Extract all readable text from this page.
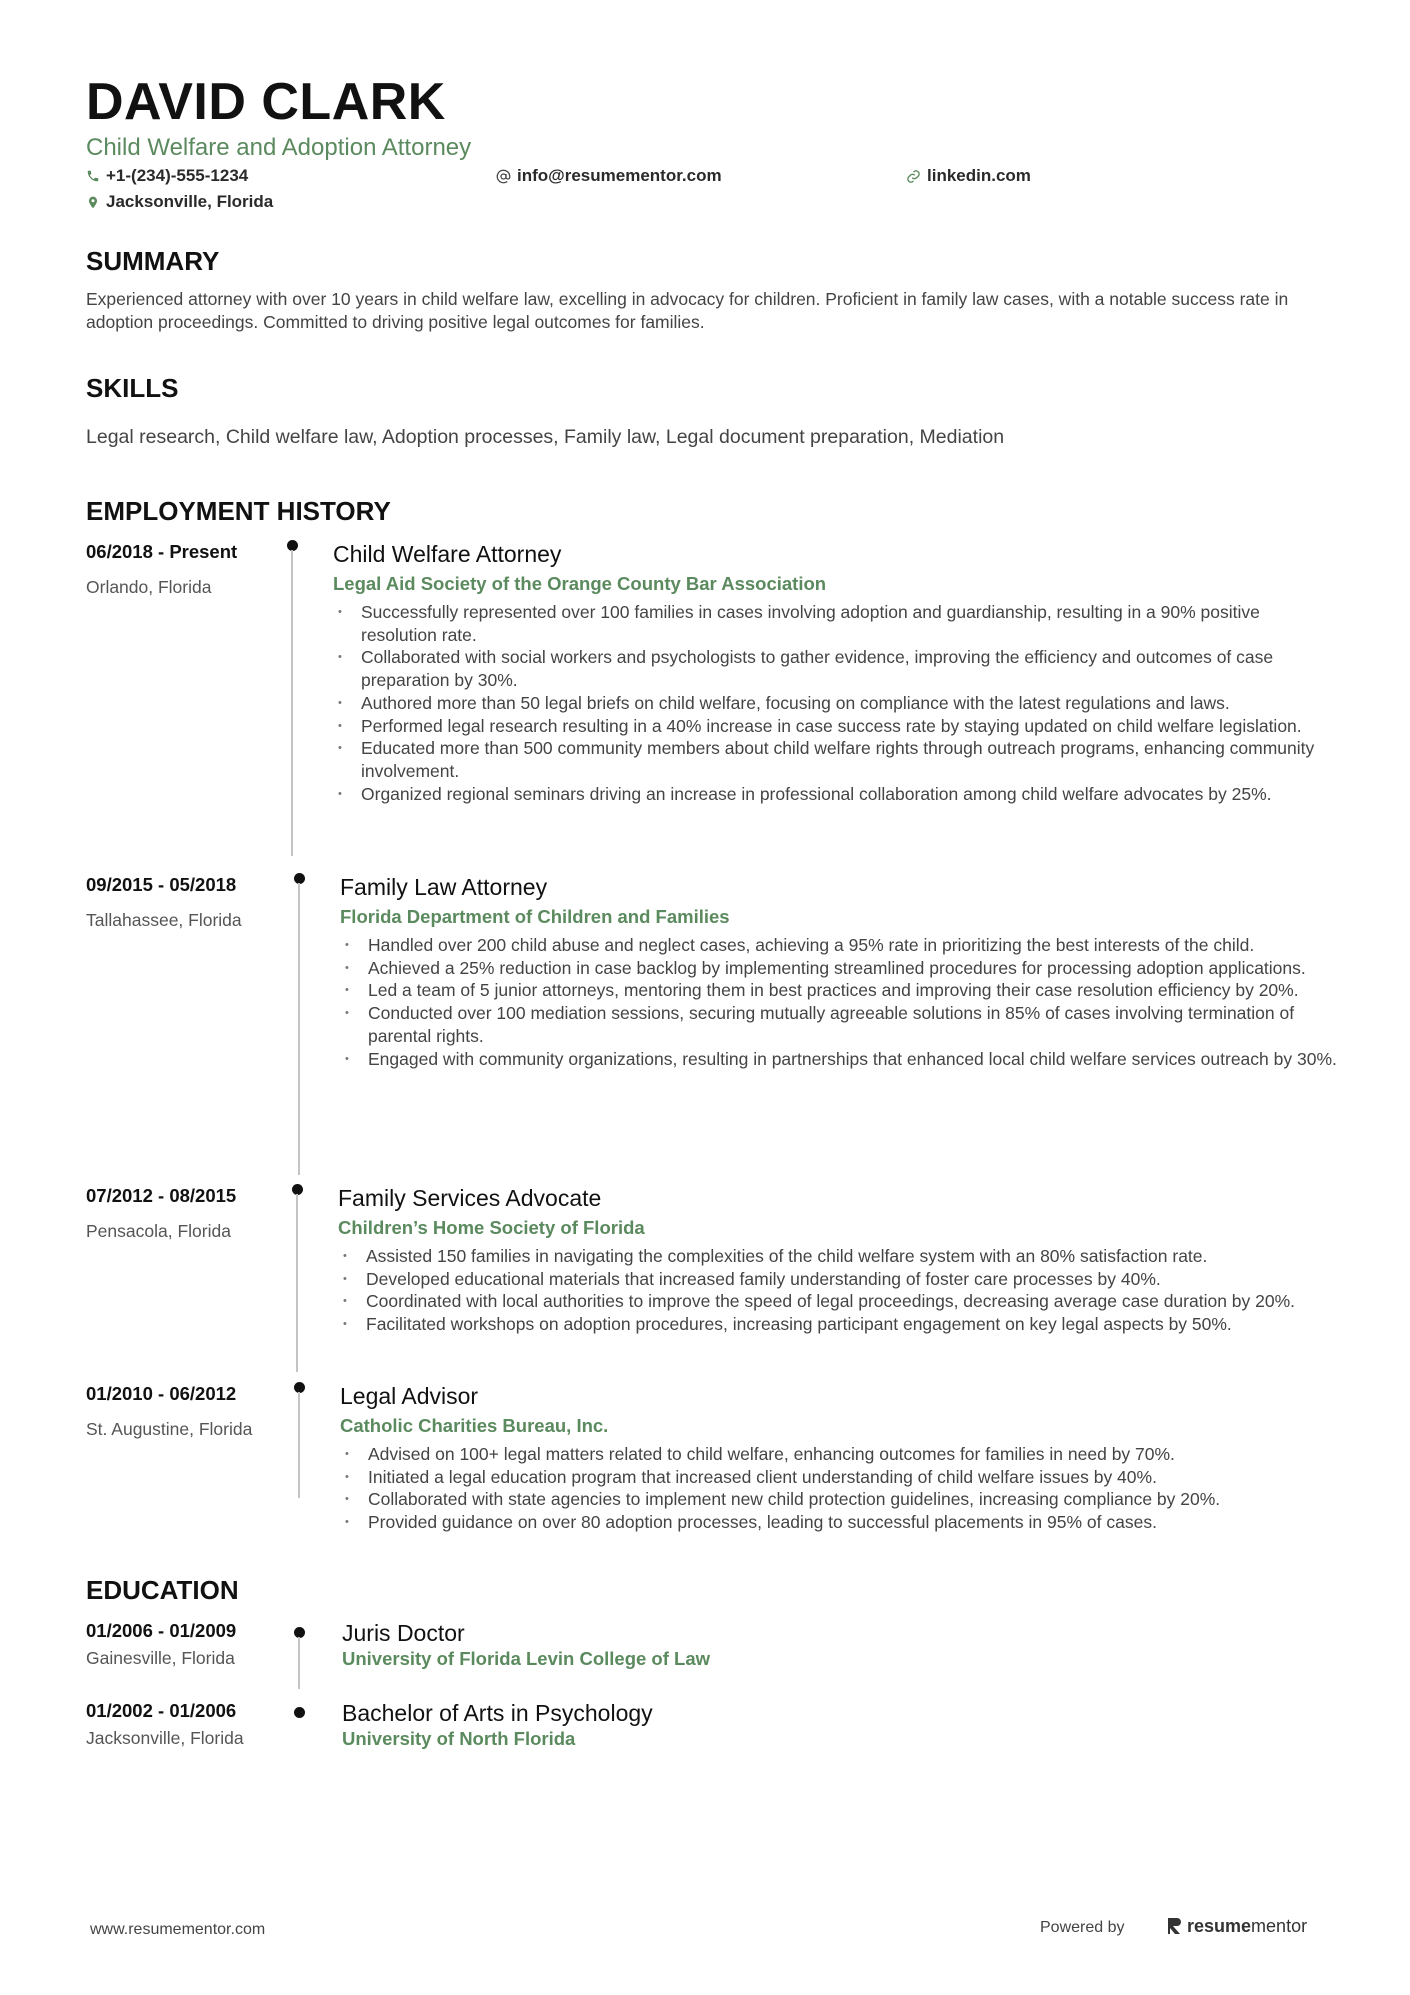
DAVID CLARK
Child Welfare and Adoption Attorney
+1-(234)-555-1234	info@resumementor.com	linkedin.com
Jacksonville, Florida
SUMMARY
Experienced attorney with over 10 years in child welfare law, excelling in advocacy for children. Proficient in family law cases, with a notable success rate in adoption proceedings. Committed to driving positive legal outcomes for families.
SKILLS
Legal research, Child welfare law, Adoption processes, Family law, Legal document preparation, Mediation
EMPLOYMENT HISTORY
06/2018 - Present
Orlando, Florida
Child Welfare Attorney
Legal Aid Society of the Orange County Bar Association
• Successfully represented over 100 families in cases involving adoption and guardianship, resulting in a 90% positive resolution rate.
• Collaborated with social workers and psychologists to gather evidence, improving the efficiency and outcomes of case preparation by 30%.
• Authored more than 50 legal briefs on child welfare, focusing on compliance with the latest regulations and laws.
• Performed legal research resulting in a 40% increase in case success rate by staying updated on child welfare legislation.
• Educated more than 500 community members about child welfare rights through outreach programs, enhancing community involvement.
• Organized regional seminars driving an increase in professional collaboration among child welfare advocates by 25%.
09/2015 - 05/2018
Tallahassee, Florida
Family Law Attorney
Florida Department of Children and Families
• Handled over 200 child abuse and neglect cases, achieving a 95% rate in prioritizing the best interests of the child.
• Achieved a 25% reduction in case backlog by implementing streamlined procedures for processing adoption applications.
• Led a team of 5 junior attorneys, mentoring them in best practices and improving their case resolution efficiency by 20%.
• Conducted over 100 mediation sessions, securing mutually agreeable solutions in 85% of cases involving termination of parental rights.
• Engaged with community organizations, resulting in partnerships that enhanced local child welfare services outreach by 30%.
07/2012 - 08/2015
Pensacola, Florida
Family Services Advocate
Children’s Home Society of Florida
• Assisted 150 families in navigating the complexities of the child welfare system with an 80% satisfaction rate.
• Developed educational materials that increased family understanding of foster care processes by 40%.
• Coordinated with local authorities to improve the speed of legal proceedings, decreasing average case duration by 20%.
• Facilitated workshops on adoption procedures, increasing participant engagement on key legal aspects by 50%.
01/2010 - 06/2012
St. Augustine, Florida
Legal Advisor
Catholic Charities Bureau, Inc.
• Advised on 100+ legal matters related to child welfare, enhancing outcomes for families in need by 70%.
• Initiated a legal education program that increased client understanding of child welfare issues by 40%.
• Collaborated with state agencies to implement new child protection guidelines, increasing compliance by 20%.
• Provided guidance on over 80 adoption processes, leading to successful placements in 95% of cases.
EDUCATION
01/2006 - 01/2009
Gainesville, Florida
Juris Doctor
University of Florida Levin College of Law
01/2002 - 01/2006
Jacksonville, Florida
Bachelor of Arts in Psychology
University of North Florida
www.resumementor.com	Powered by	resume mentor
